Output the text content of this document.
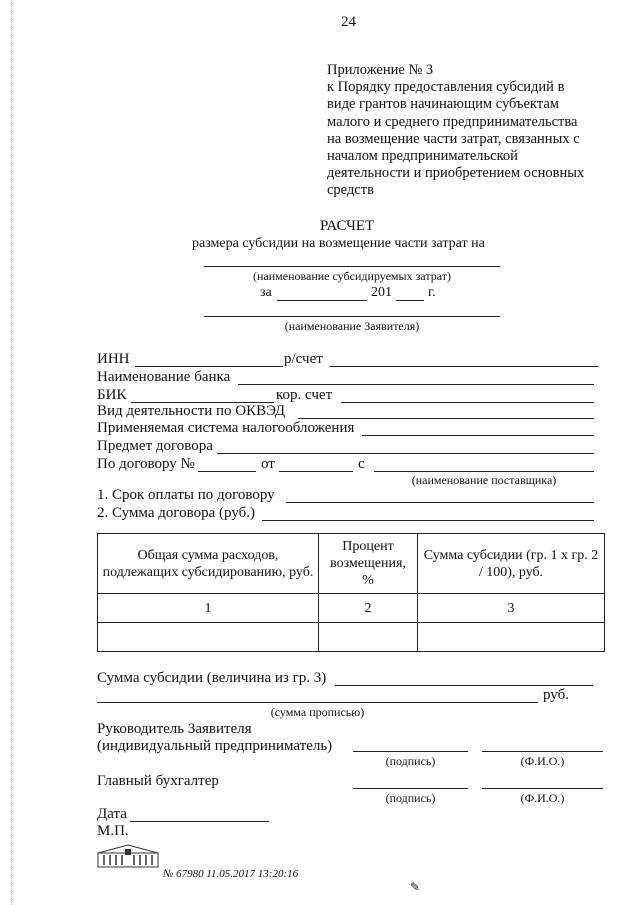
24
Приложение № 3
к Порядку предоставления субсидий в
виде грантов начинающим субъектам
малого и среднего предпринимательства
на возмещение части затрат, связанных с
началом предпринимательской
деятельности и приобретением основных
средств
РАСЧЕТ
размера субсидии на возмещение части затрат на
(наименование субсидируемых затрат)
за	201	г.
(наименование Заявителя)
ИНН	р/счет
Наименование банка
БИК	кор. счет
Вид деятельности по ОКВЭД
Применяемая система налогообложения
Предмет договора
По договору №	от	с
(наименование поставщика)
1. Срок оплаты по договору
2. Сумма договора (руб.)
Общая сумма расходов, подлежащих субсидированию, руб.	Процент возмещения, %	Сумма субсидии (гр. 1 х гр. 2 / 100), руб.
1	2	3

Сумма субсидии (величина из гр. 3)
руб.
(сумма прописью)
Руководитель Заявителя
(индивидуальный предприниматель)
(подпись)	(Ф.И.О.)
Главный бухгалтер
(подпись)	(Ф.И.О.)
Дата
М.П.
№ 67980 11.05.2017 13:20:16
✎
